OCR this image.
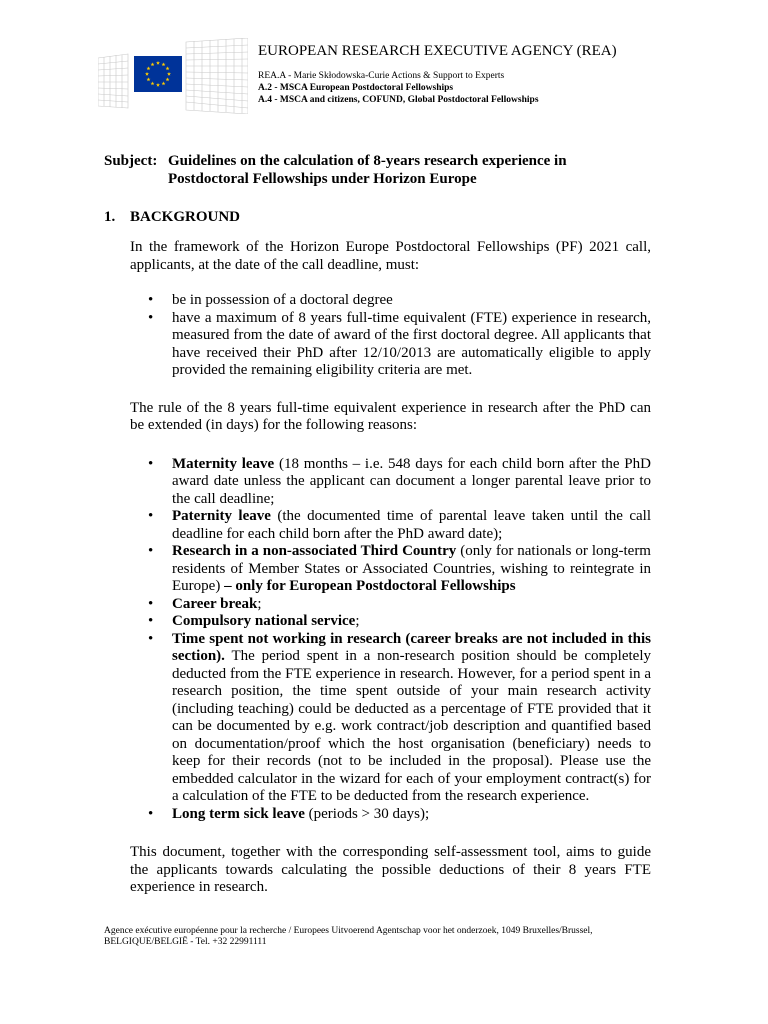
EUROPEAN RESEARCH EXECUTIVE AGENCY (REA)
REA.A - Marie Skłodowska-Curie Actions & Support to Experts
A.2 - MSCA European Postdoctoral Fellowships
A.4 - MSCA and citizens, COFUND, Global Postdoctoral Fellowships
Subject: Guidelines on the calculation of 8-years research experience in
Postdoctoral Fellowships under Horizon Europe
1. BACKGROUND

In the framework of the Horizon Europe Postdoctoral Fellowships (PF) 2021 call, applicants, at the date of the call deadline, must:

• be in possession of a doctoral degree
• have a maximum of 8 years full-time equivalent (FTE) experience in research, measured from the date of award of the first doctoral degree. All applicants that have received their PhD after 12/10/2013 are automatically eligible to apply provided the remaining eligibility criteria are met.

The rule of the 8 years full-time equivalent experience in research after the PhD can be extended (in days) for the following reasons:

• Maternity leave (18 months – i.e. 548 days for each child born after the PhD award date unless the applicant can document a longer parental leave prior to the call deadline;
• Paternity leave (the documented time of parental leave taken until the call deadline for each child born after the PhD award date);
• Research in a non-associated Third Country (only for nationals or long-term residents of Member States or Associated Countries, wishing to reintegrate in Europe) – only for European Postdoctoral Fellowships
• Career break;
• Compulsory national service;
• Time spent not working in research (career breaks are not included in this section). The period spent in a non-research position should be completely deducted from the FTE experience in research. However, for a period spent in a research position, the time spent outside of your main research activity (including teaching) could be deducted as a percentage of FTE provided that it can be documented by e.g. work contract/job description and quantified based on documentation/proof which the host organisation (beneficiary) needs to keep for their records (not to be included in the proposal). Please use the embedded calculator in the wizard for each of your employment contract(s) for a calculation of the FTE to be deducted from the research experience.
• Long term sick leave (periods > 30 days);

This document, together with the corresponding self-assessment tool, aims to guide the applicants towards calculating the possible deductions of their 8 years FTE experience in research.

Agence exécutive européenne pour la recherche / Europees Uitvoerend Agentschap voor het onderzoek, 1049 Bruxelles/Brussel, BELGIQUE/BELGIË - Tel. +32 22991111
